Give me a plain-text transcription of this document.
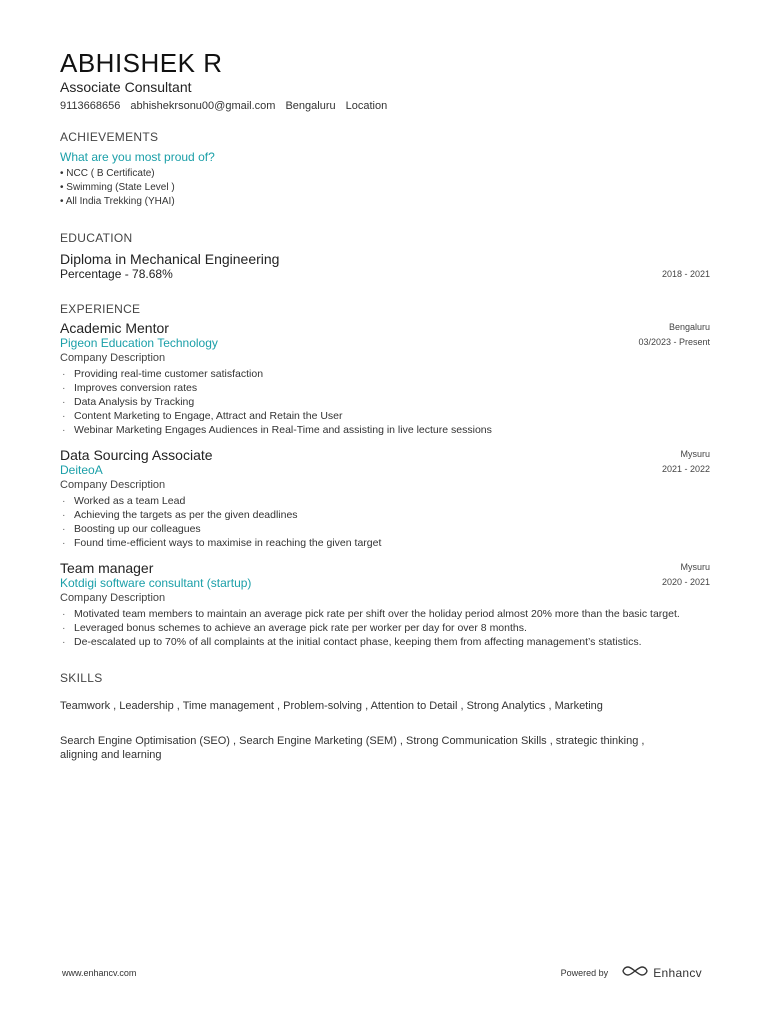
ABHISHEK R
Associate Consultant
9113668656 abhishekrsonu00@gmail.com Bengaluru Location
ACHIEVEMENTS
What are you most proud of?
• NCC ( B Certificate)
• Swimming (State Level )
• All India Trekking (YHAI)
EDUCATION
Diploma in Mechanical Engineering
Percentage - 78.68%	2018 - 2021
EXPERIENCE
Academic Mentor
Pigeon Education Technology
Company Description
Bengaluru
03/2023 - Present
· Providing real-time customer satisfaction
· Improves conversion rates
· Data Analysis by Tracking
· Content Marketing to Engage, Attract and Retain the User
· Webinar Marketing Engages Audiences in Real-Time and assisting in live lecture sessions
Data Sourcing Associate
DeiteoA
Company Description
Mysuru
2021 - 2022
· Worked as a team Lead
· Achieving the targets as per the given deadlines
· Boosting up our colleagues
· Found time-efficient ways to maximise in reaching the given target
Team manager
Kotdigi software consultant (startup)
Company Description
Mysuru
2020 - 2021
· Motivated team members to maintain an average pick rate per shift over the holiday period almost 20% more than the basic target.
· Leveraged bonus schemes to achieve an average pick rate per worker per day for over 8 months.
· De-escalated up to 70% of all complaints at the initial contact phase, keeping them from affecting management’s statistics.
SKILLS
Teamwork , Leadership , Time management , Problem-solving , Attention to Detail , Strong Analytics , Marketing
Search Engine Optimisation (SEO) , Search Engine Marketing (SEM) , Strong Communication Skills , strategic thinking ,
aligning and learning
www.enhancv.com	Powered by	Enhancv
